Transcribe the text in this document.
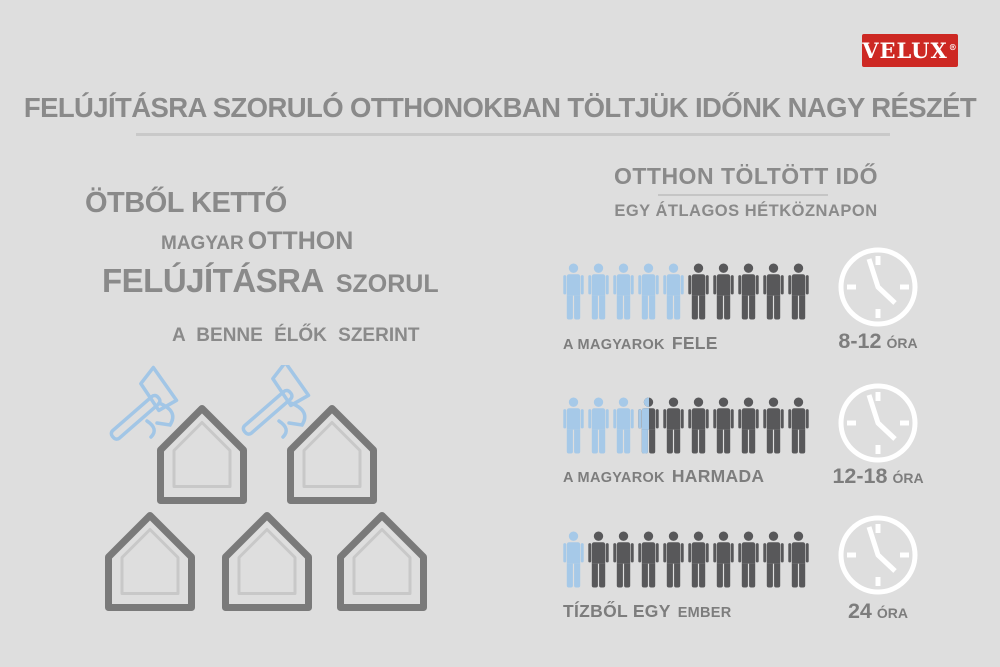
VELUX ®
FELÚJÍTÁSRA SZORULÓ OTTHONOKBAN TÖLTJÜK IDŐNK NAGY RÉSZÉT
ÖTBŐL KETTŐ
MAGYAR OTTHON
FELÚJÍTÁSRA SZORUL
A BENNE ÉLŐK SZERINT
OTTHON TÖLTÖTT IDŐ
EGY ÁTLAGOS HÉTKÖZNAPON
A MAGYAROK FELE
A MAGYAROK HARMADA
TÍZBŐL EGY EMBER
8-12 ÓRA
12-18 ÓRA
24 ÓRA
